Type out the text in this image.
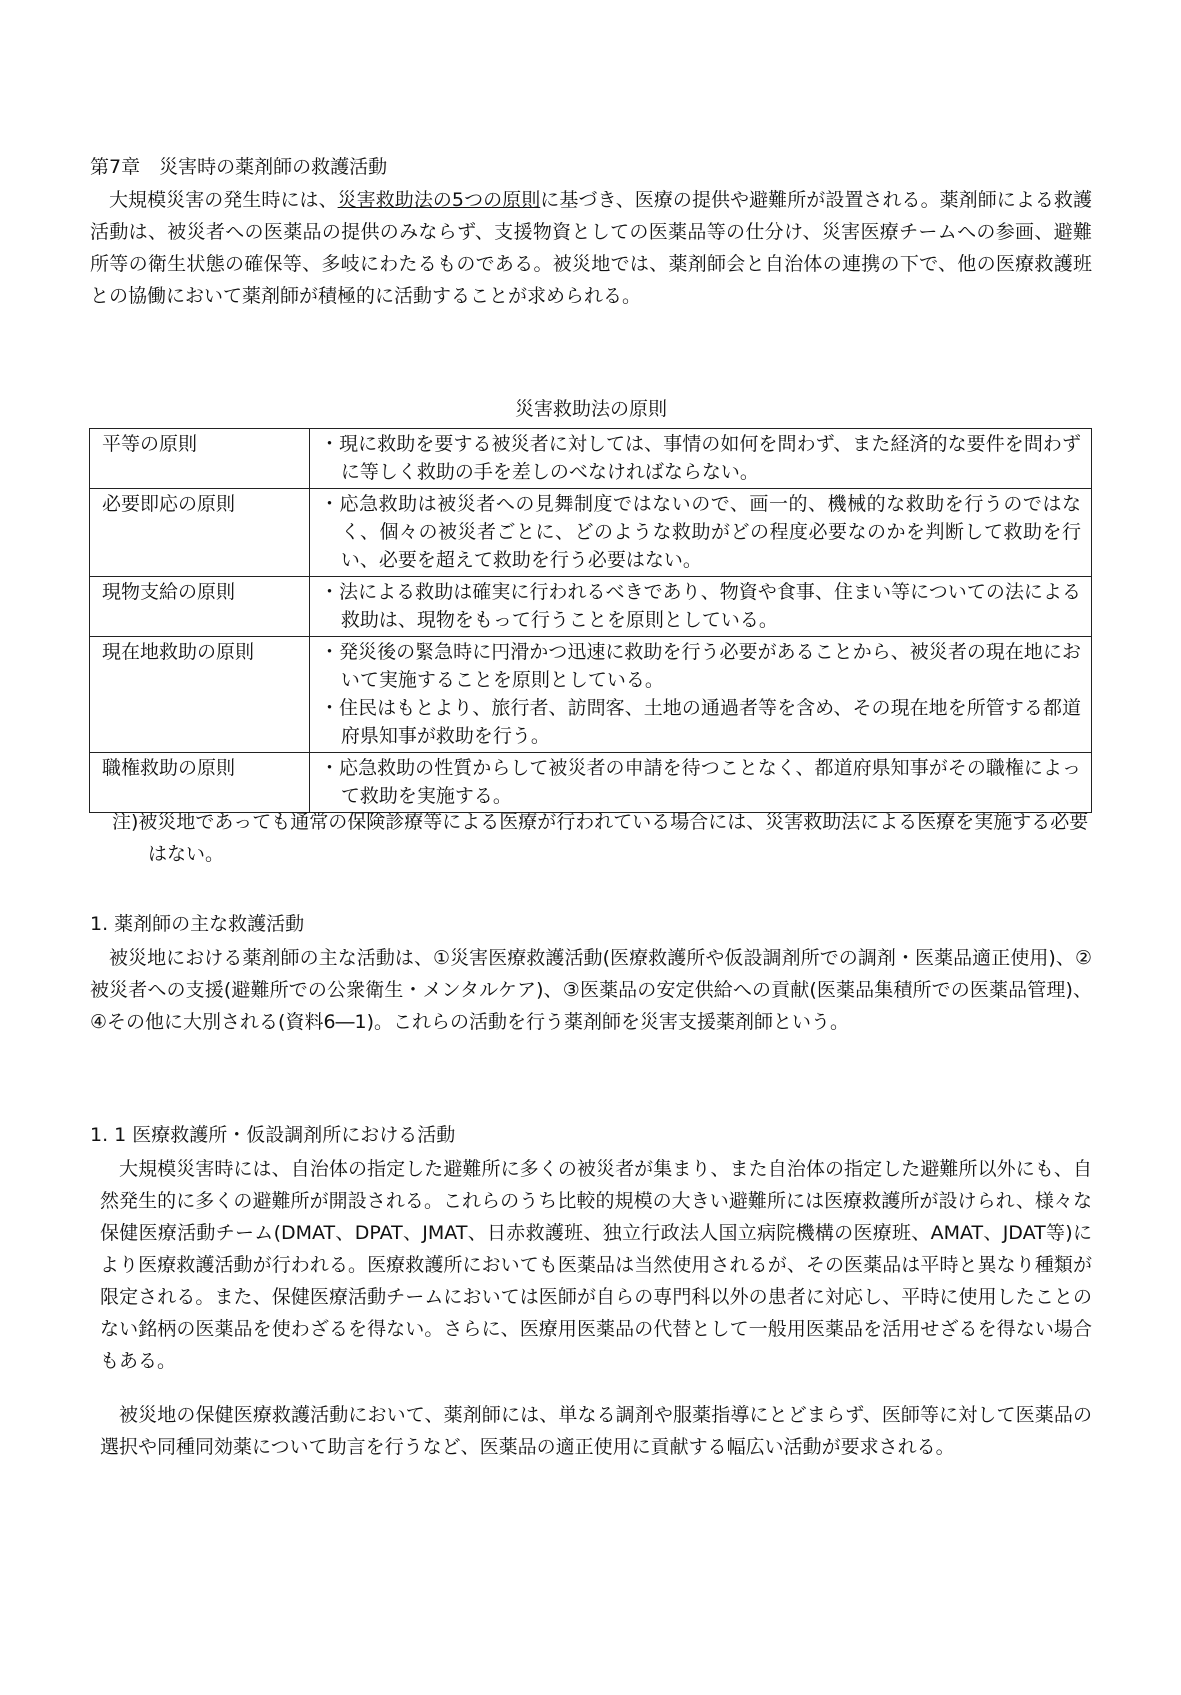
第7章　災害時の薬剤師の救護活動

大規模災害の発生時には、災害救助法の5つの原則に基づき、医療の提供や避難所が設置される。薬剤師による救護活動は、被災者への医薬品の提供のみならず、支援物資としての医薬品等の仕分け、災害医療チームへの参画、避難所等の衛生状態の確保等、多岐にわたるものである。被災地では、薬剤師会と自治体の連携の下で、他の医療救護班との協働において薬剤師が積極的に活動することが求められる。

災害救助法の原則
平等の原則	・現に救助を要する被災者に対しては、事情の如何を問わず、また経済的な要件を問わずに等しく救助の手を差しのべなければならない。

必要即応の原則	・応急救助は被災者への見舞制度ではないので、画一的、機械的な救助を行うのではなく、個々の被災者ごとに、どのような救助がどの程度必要なのかを判断して救助を行い、必要を超えて救助を行う必要はない。

現物支給の原則	・法による救助は確実に行われるべきであり、物資や食事、住まい等についての法による救助は、現物をもって行うことを原則としている。

現在地救助の原則	・発災後の緊急時に円滑かつ迅速に救助を行う必要があることから、被災者の現在地において実施することを原則としている。
・住民はもとより、旅行者、訪問客、土地の通過者等を含め、その現在地を所管する都道府県知事が救助を行う。

職権救助の原則	・応急救助の性質からして被災者の申請を待つことなく、都道府県知事がその職権によって救助を実施する。

注)被災地であっても通常の保険診療等による医療が行われている場合には、災害救助法による医療を実施する必要はない。

1. 薬剤師の主な救護活動

被災地における薬剤師の主な活動は、①災害医療救護活動(医療救護所や仮設調剤所での調剤・医薬品適正使用)、②被災者への支援(避難所での公衆衛生・メンタルケア)、③医薬品の安定供給への貢献(医薬品集積所での医薬品管理)、④その他に大別される(資料6―1)。これらの活動を行う薬剤師を災害支援薬剤師という。

1. 1 医療救護所・仮設調剤所における活動

大規模災害時には、自治体の指定した避難所に多くの被災者が集まり、また自治体の指定した避難所以外にも、自然発生的に多くの避難所が開設される。これらのうち比較的規模の大きい避難所には医療救護所が設けられ、様々な保健医療活動チーム(DMAT、DPAT、JMAT、日赤救護班、独立行政法人国立病院機構の医療班、AMAT、JDAT等)により医療救護活動が行われる。医療救護所においても医薬品は当然使用されるが、その医薬品は平時と異なり種類が限定される。また、保健医療活動チームにおいては医師が自らの専門科以外の患者に対応し、平時に使用したことのない銘柄の医薬品を使わざるを得ない。さらに、医療用医薬品の代替として一般用医薬品を活用せざるを得ない場合もある。

被災地の保健医療救護活動において、薬剤師には、単なる調剤や服薬指導にとどまらず、医師等に対して医薬品の選択や同種同効薬について助言を行うなど、医薬品の適正使用に貢献する幅広い活動が要求される。
